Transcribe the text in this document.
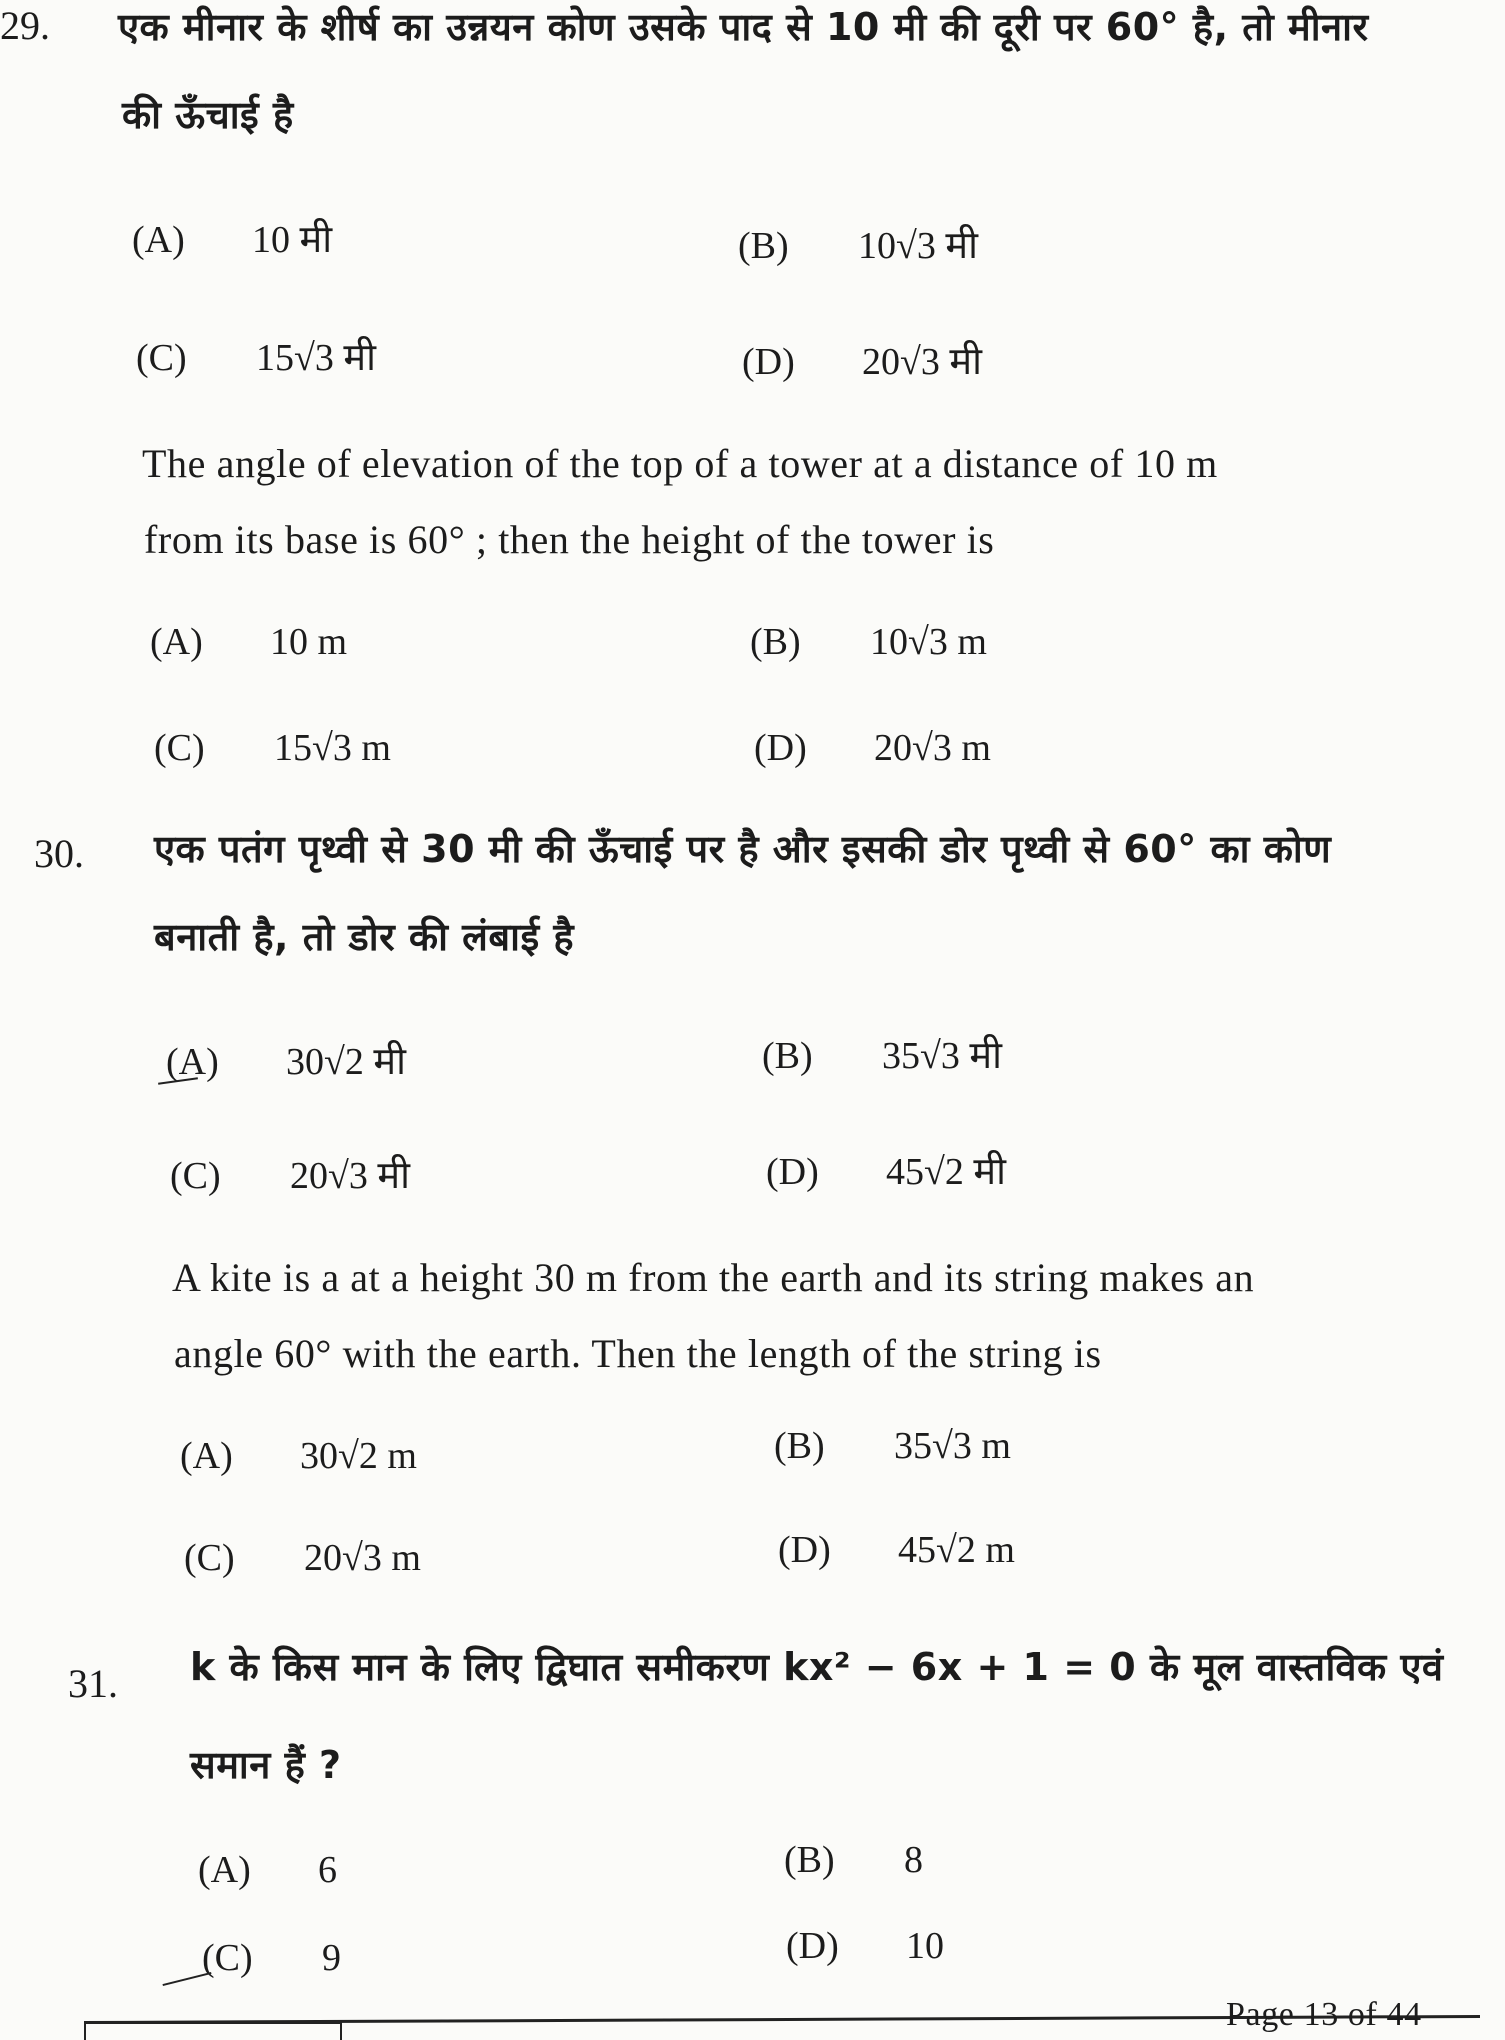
29. एक मीनार के शीर्ष का उन्नयन कोण उसके पाद से 10 मी की दूरी पर 60° है, तो मीनार
की ऊँचाई है
(A) 10 मी	(B) 10√3 मी
(C) 15√3 मी	(D) 20√3 मी
The angle of elevation of the top of a tower at a distance of 10 m
from its base is 60° ; then the height of the tower is
(A) 10 m	(B) 10√3 m
(C) 15√3 m	(D) 20√3 m
30. एक पतंग पृथ्वी से 30 मी की ऊँचाई पर है और इसकी डोर पृथ्वी से 60° का कोण
बनाती है, तो डोर की लंबाई है
(A) 30√2 मी	(B) 35√3 मी
(C) 20√3 मी	(D) 45√2 मी
A kite is a at a height 30 m from the earth and its string makes an
angle 60° with the earth. Then the length of the string is
(A) 30√2 m	(B) 35√3 m
(C) 20√3 m	(D) 45√2 m
31. k के किस मान के लिए द्विघात समीकरण kx² − 6x + 1 = 0 के मूल वास्तविक एवं
समान हैं ?
(A) 6	(B) 8
(C) 9	(D) 10
Page 13 of 44
